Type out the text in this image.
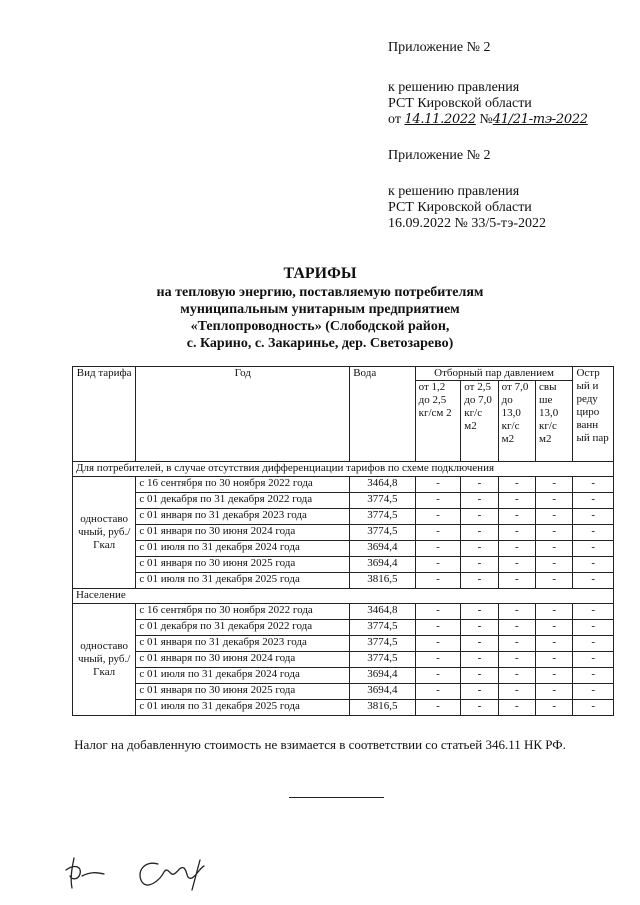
Приложение № 2
к решению правления
РСТ Кировской области
от 14.11.2022 №41/21-тэ-2022
Приложение № 2
к решению правления
РСТ Кировской области
16.09.2022 № 33/5-тэ-2022
ТАРИФЫ
на тепловую энергию, поставляемую потребителям
муниципальным унитарным предприятием
«Теплопроводность» (Слободской район,
с. Карино, с. Закаринье, дер. Светозарево)
Вид тарифа	Год	Вода	Отборный пар давлением				Остр ый и реду циро ванн ый пар
			от 1,2 до 2,5 кг/см 2	от 2,5 до 7,0 кг/с м2	от 7,0 до 13,0 кг/с м2	свы ше 13,0 кг/с м2	
Для потребителей, в случае отсутствия дифференциации тарифов по схеме подключения							
одноставо чный, руб./Гкал	с 16 сентября по 30 ноября 2022 года	3464,8	-	-	-	-	-
	с 01 декабря по 31 декабря 2022 года	3774,5	-	-	-	-	-
	с 01 января по 31 декабря 2023 года	3774,5	-	-	-	-	-
	с 01 января по 30 июня 2024 года	3774,5	-	-	-	-	-
	с 01 июля по 31 декабря 2024 года	3694,4	-	-	-	-	-
	с 01 января по 30 июня 2025 года	3694,4	-	-	-	-	-
	с 01 июля по 31 декабря 2025 года	3816,5	-	-	-	-	-
Население							
одноставо чный, руб./Гкал	с 16 сентября по 30 ноября 2022 года	3464,8	-	-	-	-	-
	с 01 декабря по 31 декабря 2022 года	3774,5	-	-	-	-	-
	с 01 января по 31 декабря 2023 года	3774,5	-	-	-	-	-
	с 01 января по 30 июня 2024 года	3774,5	-	-	-	-	-
	с 01 июля по 31 декабря 2024 года	3694,4	-	-	-	-	-
	с 01 января по 30 июня 2025 года	3694,4	-	-	-	-	-
	с 01 июля по 31 декабря 2025 года	3816,5	-	-	-	-	-
Налог на добавленную стоимость не взимается в соответствии со статьей 346.11 НК РФ.
